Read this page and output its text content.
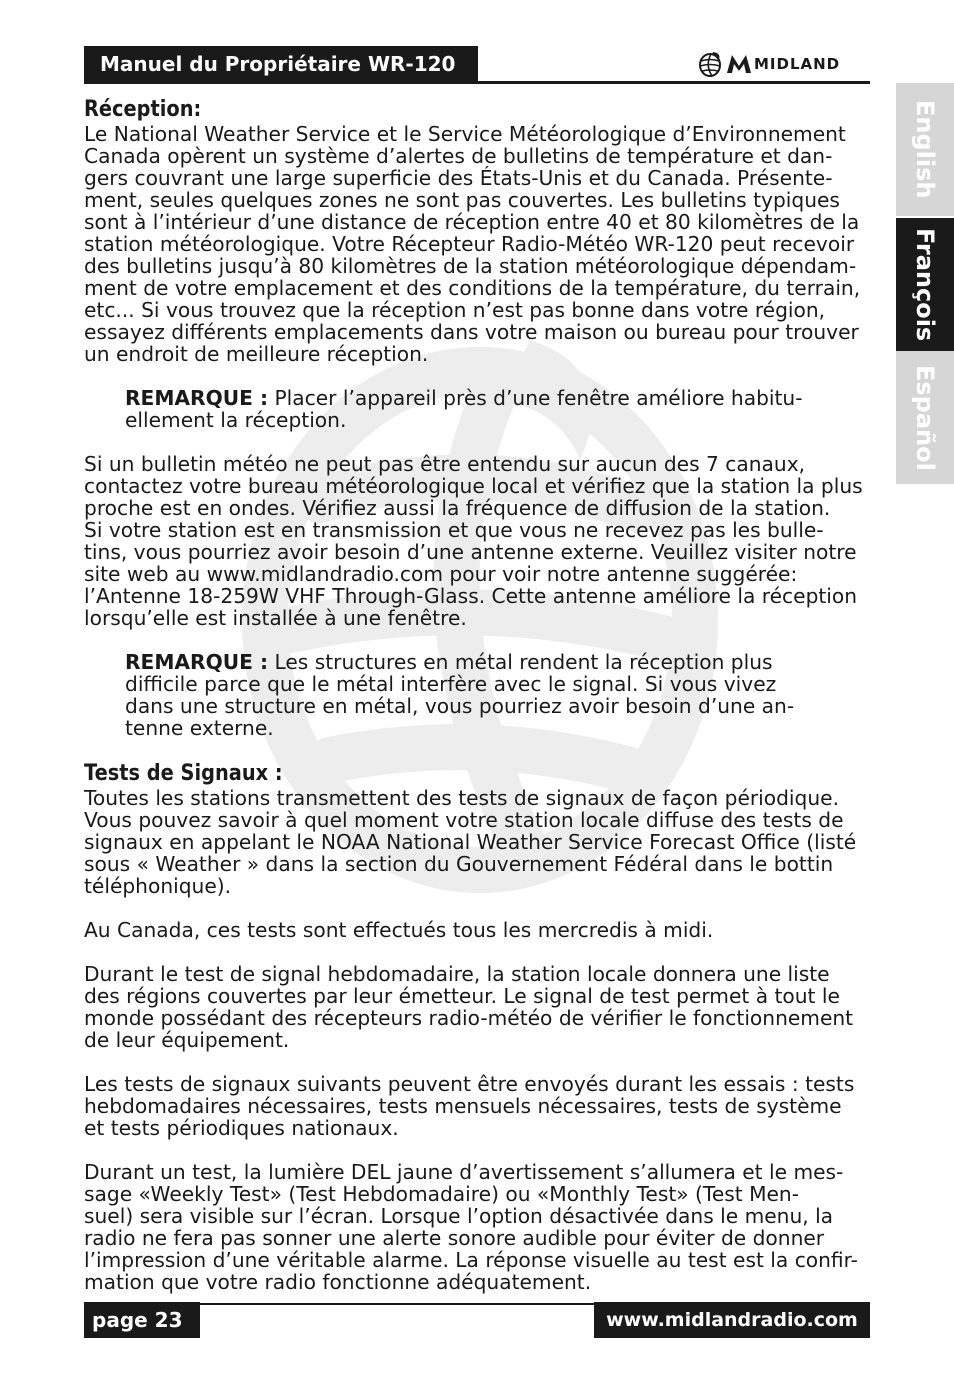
Manuel du Propriétaire WR-120	MIDLAND
English
François
Español
Réception:

Le National Weather Service et le Service Météorologique d’Environnement
Canada opèrent un système d’alertes de bulletins de température et dan-
gers couvrant une large superficie des États-Unis et du Canada. Présente-
ment, seules quelques zones ne sont pas couvertes. Les bulletins typiques
sont à l’intérieur d’une distance de réception entre 40 et 80 kilomètres de la
station météorologique. Votre Récepteur Radio-Météo WR-120 peut recevoir
des bulletins jusqu’à 80 kilomètres de la station météorologique dépendam-
ment de votre emplacement et des conditions de la température, du terrain,
etc... Si vous trouvez que la réception n’est pas bonne dans votre région,
essayez différents emplacements dans votre maison ou bureau pour trouver
un endroit de meilleure réception.

REMARQUE : Placer l’appareil près d’une fenêtre améliore habitu-
ellement la réception.

Si un bulletin météo ne peut pas être entendu sur aucun des 7 canaux,
contactez votre bureau météorologique local et vérifiez que la station la plus
proche est en ondes. Vérifiez aussi la fréquence de diffusion de la station.
Si votre station est en transmission et que vous ne recevez pas les bulle-
tins, vous pourriez avoir besoin d’une antenne externe. Veuillez visiter notre
site web au www.midlandradio.com pour voir notre antenne suggérée:
l’Antenne 18-259W VHF Through-Glass. Cette antenne améliore la réception
lorsqu’elle est installée à une fenêtre.

REMARQUE : Les structures en métal rendent la réception plus
difficile parce que le métal interfère avec le signal. Si vous vivez
dans une structure en métal, vous pourriez avoir besoin d’une an-
tenne externe.

Tests de Signaux :

Toutes les stations transmettent des tests de signaux de façon périodique.
Vous pouvez savoir à quel moment votre station locale diffuse des tests de
signaux en appelant le NOAA National Weather Service Forecast Office (listé
sous « Weather » dans la section du Gouvernement Fédéral dans le bottin
téléphonique).

Au Canada, ces tests sont effectués tous les mercredis à midi.

Durant le test de signal hebdomadaire, la station locale donnera une liste
des régions couvertes par leur émetteur. Le signal de test permet à tout le
monde possédant des récepteurs radio-météo de vérifier le fonctionnement
de leur équipement.

Les tests de signaux suivants peuvent être envoyés durant les essais : tests
hebdomadaires nécessaires, tests mensuels nécessaires, tests de système
et tests périodiques nationaux.

Durant un test, la lumière DEL jaune d’avertissement s’allumera et le mes-
sage «Weekly Test» (Test Hebdomadaire) ou «Monthly Test» (Test Men-
suel) sera visible sur l’écran. Lorsque l’option désactivée dans le menu, la
radio ne fera pas sonner une alerte sonore audible pour éviter de donner
l’impression d’une véritable alarme. La réponse visuelle au test est la confir-
mation que votre radio fonctionne adéquatement.

page 23	www.midlandradio.com
